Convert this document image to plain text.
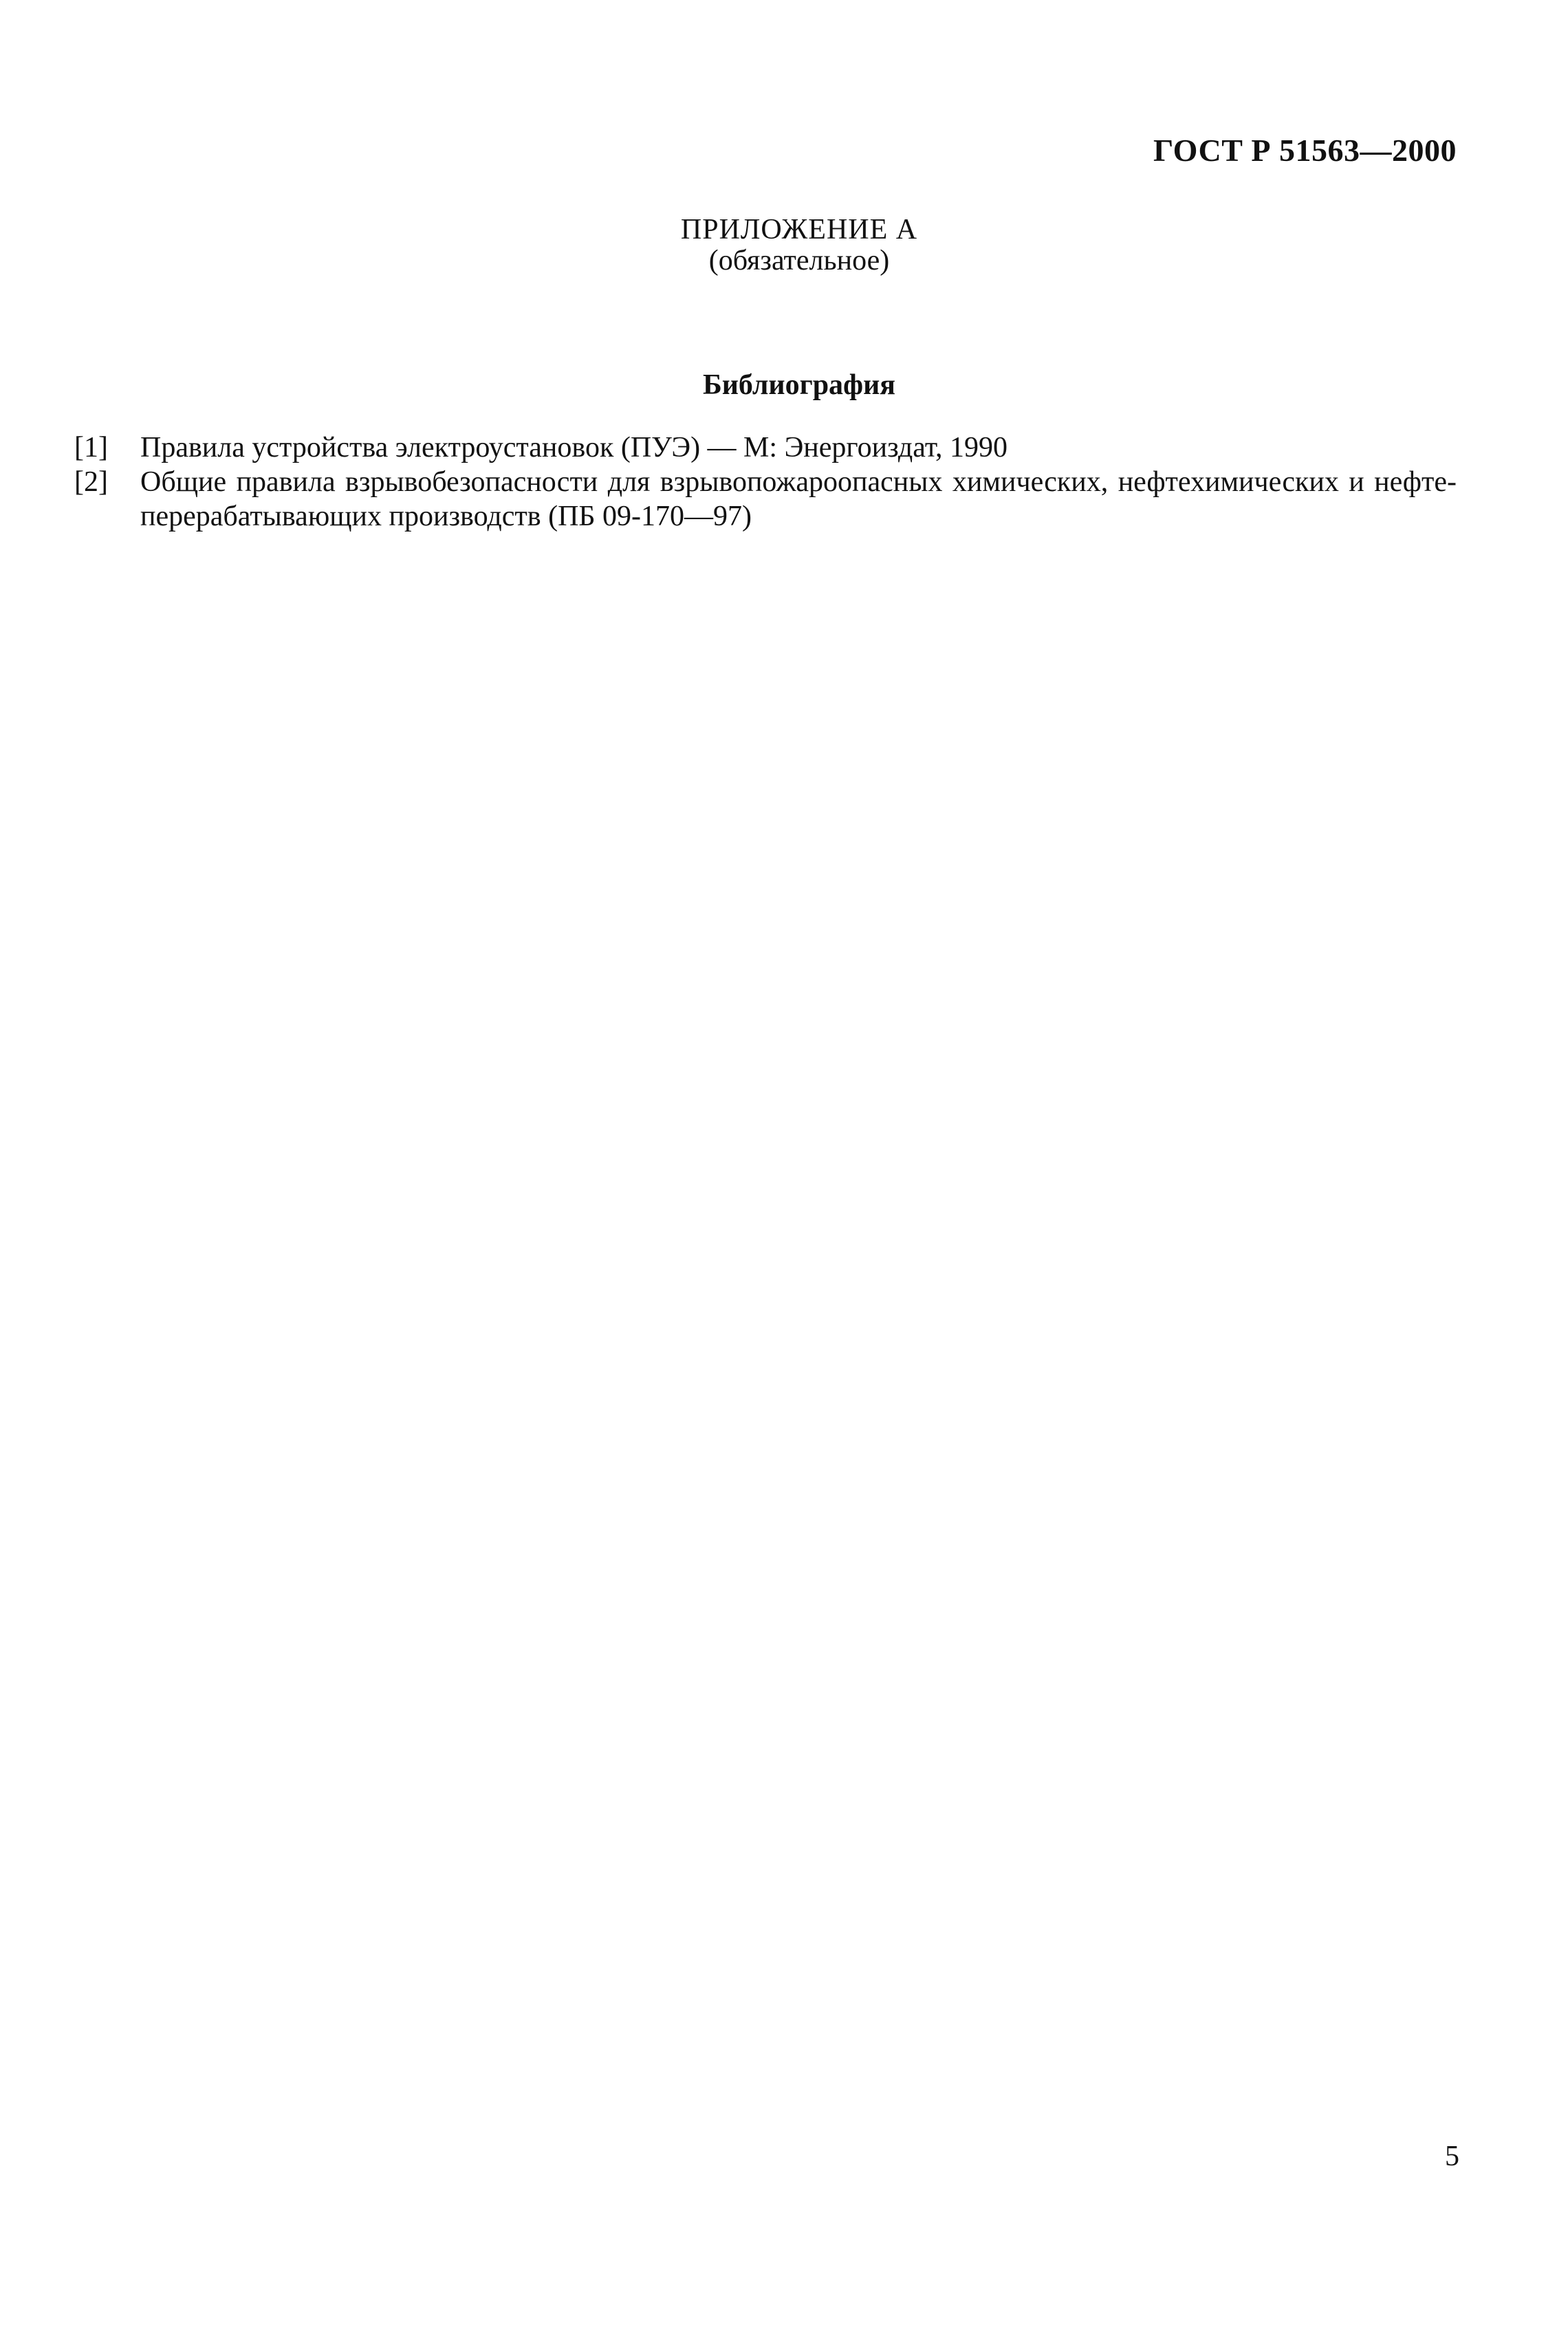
ГОСТ Р 51563—2000
ПРИЛОЖЕНИЕ А
(обязательное)
Библиография
[1]	Правила устройства электроустановок (ПУЭ) — М: Энергоиздат, 1990
[2]	Общие правила взрывобезопасности для взрывопожароопасных химических, нефтехимических и нефте-перерабатывающих производств (ПБ 09-170—97)
5
